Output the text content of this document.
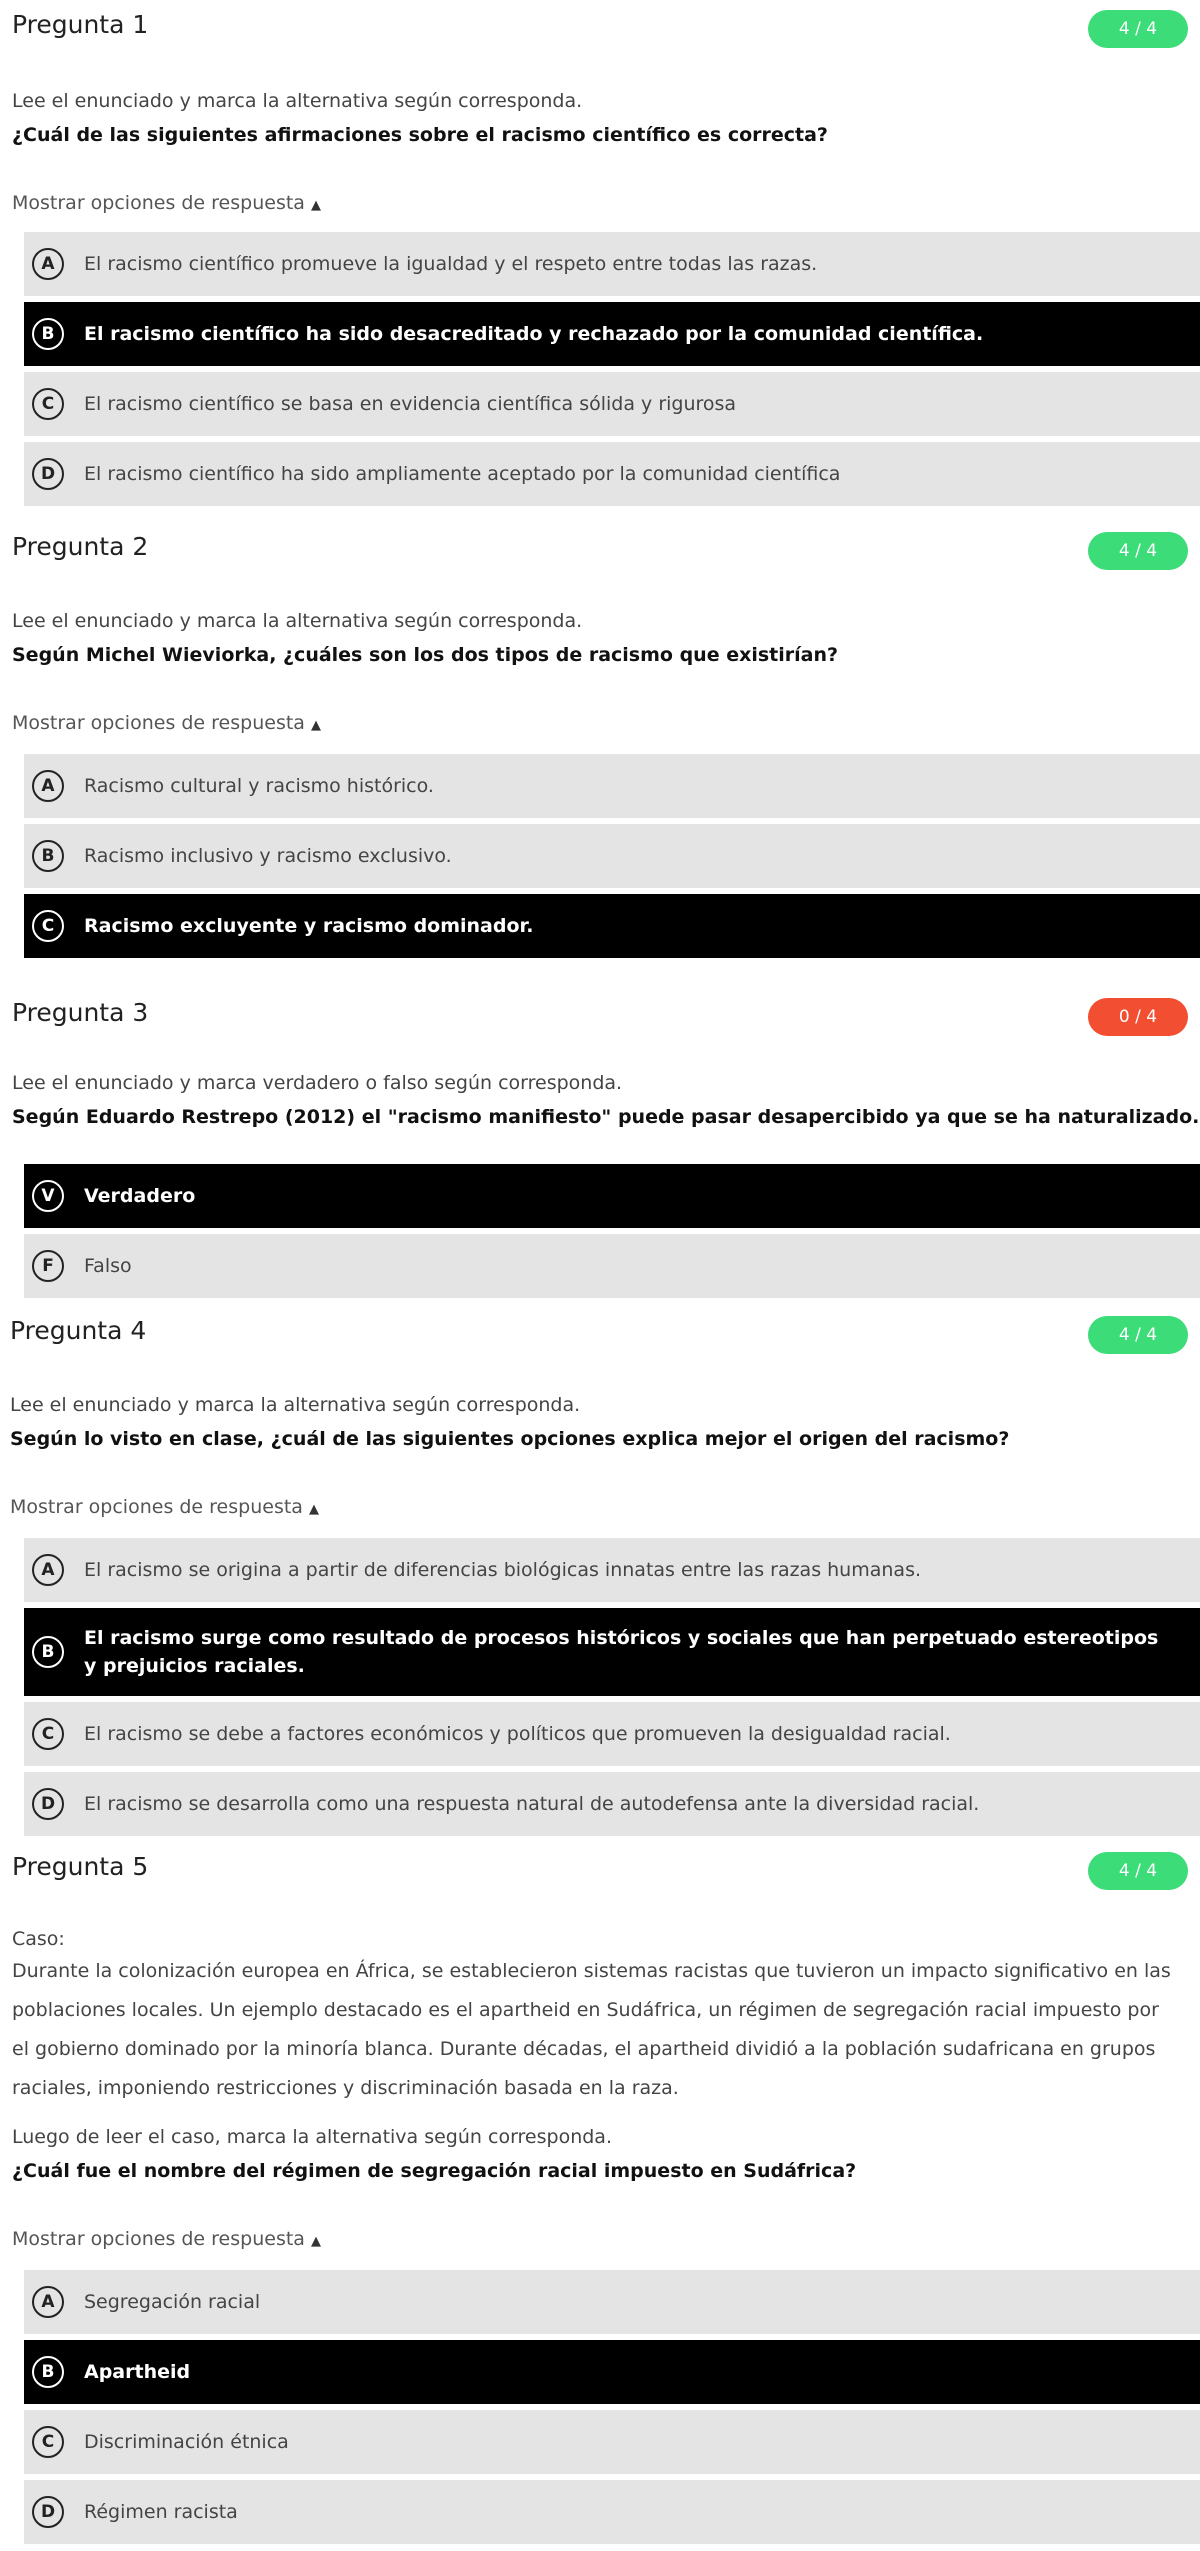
Pregunta 1	4 / 4
Lee el enunciado y marca la alternativa según corresponda.
¿Cuál de las siguientes afirmaciones sobre el racismo científico es correcta?
Mostrar opciones de respuesta ▲
A	El racismo científico promueve la igualdad y el respeto entre todas las razas.
B	El racismo científico ha sido desacreditado y rechazado por la comunidad científica.
C	El racismo científico se basa en evidencia científica sólida y rigurosa
D	El racismo científico ha sido ampliamente aceptado por la comunidad científica
Pregunta 2	4 / 4
Lee el enunciado y marca la alternativa según corresponda.
Según Michel Wieviorka, ¿cuáles son los dos tipos de racismo que existirían?
Mostrar opciones de respuesta ▲
A	Racismo cultural y racismo histórico.
B	Racismo inclusivo y racismo exclusivo.
C	Racismo excluyente y racismo dominador.
Pregunta 3	0 / 4
Lee el enunciado y marca verdadero o falso según corresponda.
Según Eduardo Restrepo (2012) el "racismo manifiesto" puede pasar desapercibido ya que se ha naturalizado.
V	Verdadero
F	Falso
Pregunta 4	4 / 4
Lee el enunciado y marca la alternativa según corresponda.
Según lo visto en clase, ¿cuál de las siguientes opciones explica mejor el origen del racismo?
Mostrar opciones de respuesta ▲
A	El racismo se origina a partir de diferencias biológicas innatas entre las razas humanas.
B
El racismo surge como resultado de procesos históricos y sociales que han perpetuado estereotipos y prejuicios raciales.
C	El racismo se debe a factores económicos y políticos que promueven la desigualdad racial.
D	El racismo se desarrolla como una respuesta natural de autodefensa ante la diversidad racial.
Pregunta 5	4 / 4
Caso:
Durante la colonización europea en África, se establecieron sistemas racistas que tuvieron un impacto significativo en las poblaciones locales. Un ejemplo destacado es el apartheid en Sudáfrica, un régimen de segregación racial impuesto por el gobierno dominado por la minoría blanca. Durante décadas, el apartheid dividió a la población sudafricana en grupos raciales, imponiendo restricciones y discriminación basada en la raza.
Luego de leer el caso, marca la alternativa según corresponda.
¿Cuál fue el nombre del régimen de segregación racial impuesto en Sudáfrica?
Mostrar opciones de respuesta ▲
A	Segregación racial
B	Apartheid
C	Discriminación étnica
D	Régimen racista
